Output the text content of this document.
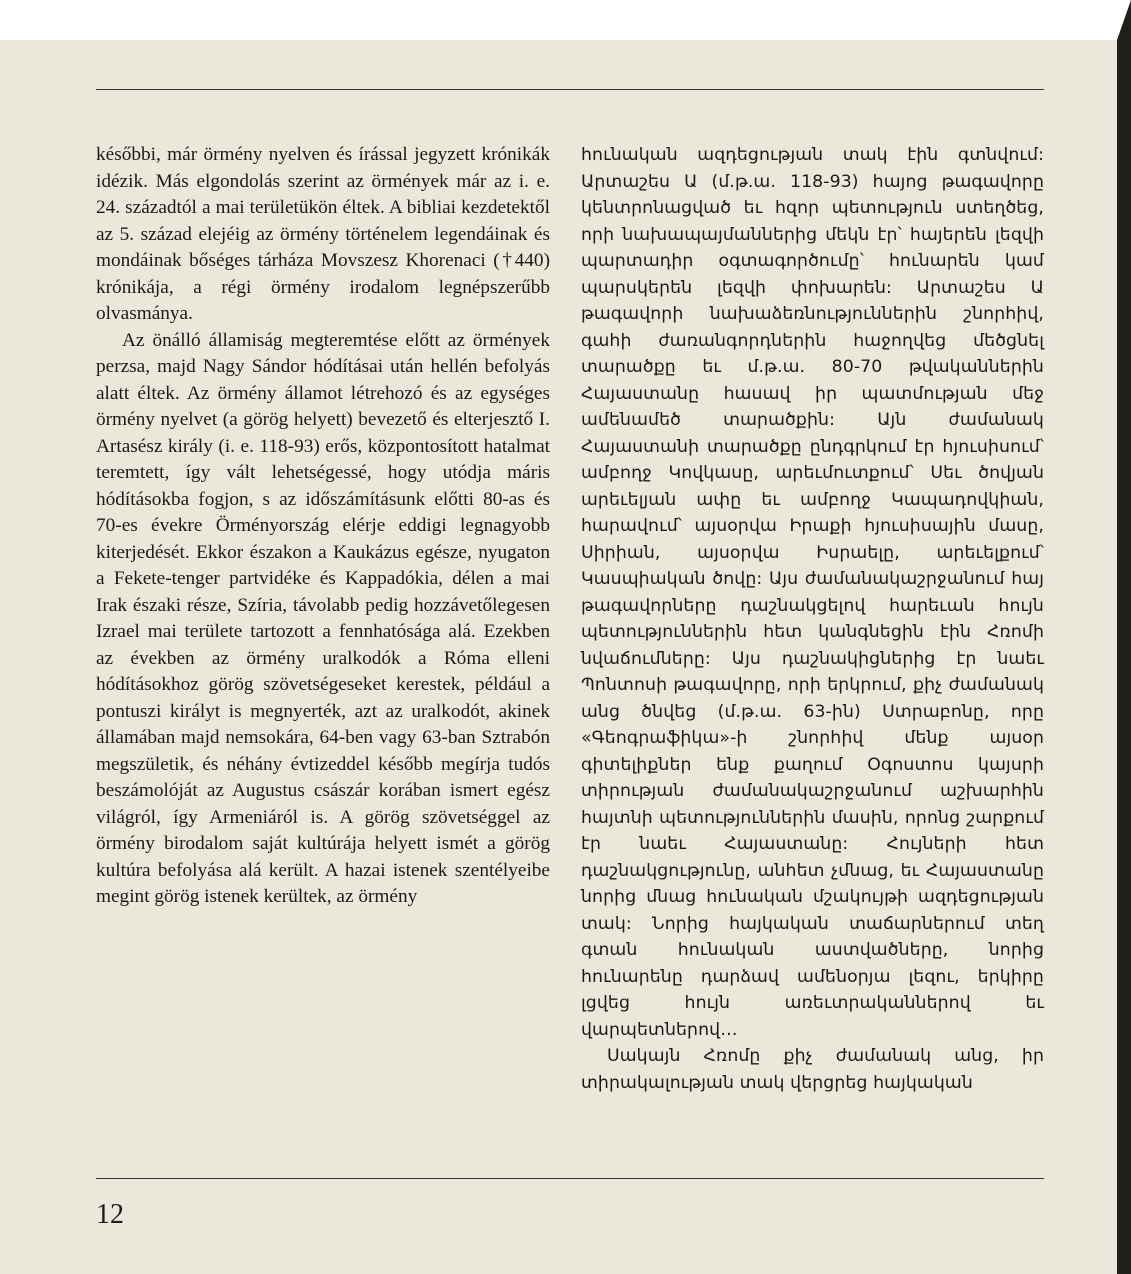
későbbi, már örmény nyelven és írással jegyzett krónikák idézik. Más elgondolás szerint az örmények már az i. e. 24. századtól a mai területükön éltek. A bibliai kezdetektől az 5. század elejéig az örmény történelem legendáinak és mondáinak bőséges tárháza Movszesz Khorenaci (†440) krónikája, a régi örmény irodalom legnépszerűbb olvasmánya.

Az önálló államiság megteremtése előtt az örmények perzsa, majd Nagy Sándor hódításai után hellén befolyás alatt éltek. Az örmény államot létrehozó és az egységes örmény nyelvet (a görög helyett) bevezető és elterjesztő I. Artasész király (i. e. 118-93) erős, központosított hatalmat teremtett, így vált lehetségessé, hogy utódja máris hódításokba fogjon, s az időszámításunk előtti 80-as és 70-es évekre Örményország elérje eddigi legnagyobb kiterjedését. Ekkor északon a Kaukázus egésze, nyugaton a Fekete-tenger partvidéke és Kappadókia, délen a mai Irak északi része, Szíria, távolabb pedig hozzávetőlegesen Izrael mai területe tartozott a fennhatósága alá. Ezekben az években az örmény uralkodók a Róma elleni hódításokhoz görög szövetségeseket kerestek, például a pontuszi királyt is megnyerték, azt az uralkodót, akinek államában majd nemsokára, 64-ben vagy 63-ban Sztrabón megszületik, és néhány évtizeddel később megírja tudós beszámolóját az Augustus császár korában ismert egész világról, így Armeniáról is. A görög szövetséggel az örmény birodalom saját kultúrája helyett ismét a görög kultúra befolyása alá került. A hazai istenek szentélyeibe megint görög istenek kerültek, az örmény

հունական ազդեցության տակ էին գտնվում: Արտաշես Ա (մ.թ.ա. 118-93) հայոց թագավորը կենտրոնացված եւ հզոր պետություն ստեղծեց, որի նախապայմաններից մեկն էր՝ հայերեն լեզվի պարտադիր օգտագործումը՝ հունարեն կամ պարսկերեն լեզվի փոխարեն: Արտաշես Ա թագավորի նախաձեռնություններին շնորհիվ, գահի ժառանգորդներին հաջողվեց մեծցնել տարածքը եւ մ.թ.ա. 80-70 թվականներին Հայաստանը հասավ իր պատմության մեջ ամենամեծ տարածքին: Այն ժամանակ Հայաստանի տարածքը ընդգրկում էր հյուսիսում՝ ամբողջ Կովկասը, արեւմուտքում՝ Սեւ ծովյան արեւելյան ափը եւ ամբողջ Կապադովկիան, հարավում՝ այսօրվա Իրաքի հյուսիսային մասը, Սիրիան, այսօրվա Իսրաելը, արեւելքում՝ Կասպիական ծովը: Այս ժամանակաշրջանում հայ թագավորները դաշնակցելով հարեւան հույն պետություններին հետ կանգնեցին էին Հռոմի նվաճումները: Այս դաշնակիցներից էր նաեւ Պոնտոսի թագավորը, որի երկրում, քիչ ժամանակ անց ծնվեց (մ.թ.ա. 63-ին) Ստրաբոնը, որը «Գեոգրաֆիկա»-ի շնորհիվ մենք այսօր գիտելիքներ ենք քաղում Օգոստոս կայսրի տիրության ժամանակաշրջանում աշխարհին հայտնի պետություններին մասին, որոնց շարքում էր նաեւ Հայաստանը: Հույների հետ դաշնակցությունը, անհետ չմնաց, եւ Հայաստանը նորից մնաց հունական մշակույթի ազդեցության տակ: Նորից հայկական տաճարներում տեղ գտան հունական աստվածները, նորից հունարենը դարձավ ամենօրյա լեզու, երկիրը լցվեց հույն առեւտրականներով եւ վարպետներով…

Սակայն Հռոմը քիչ ժամանակ անց, իր տիրակալության տակ վերցրեց հայկական

12
